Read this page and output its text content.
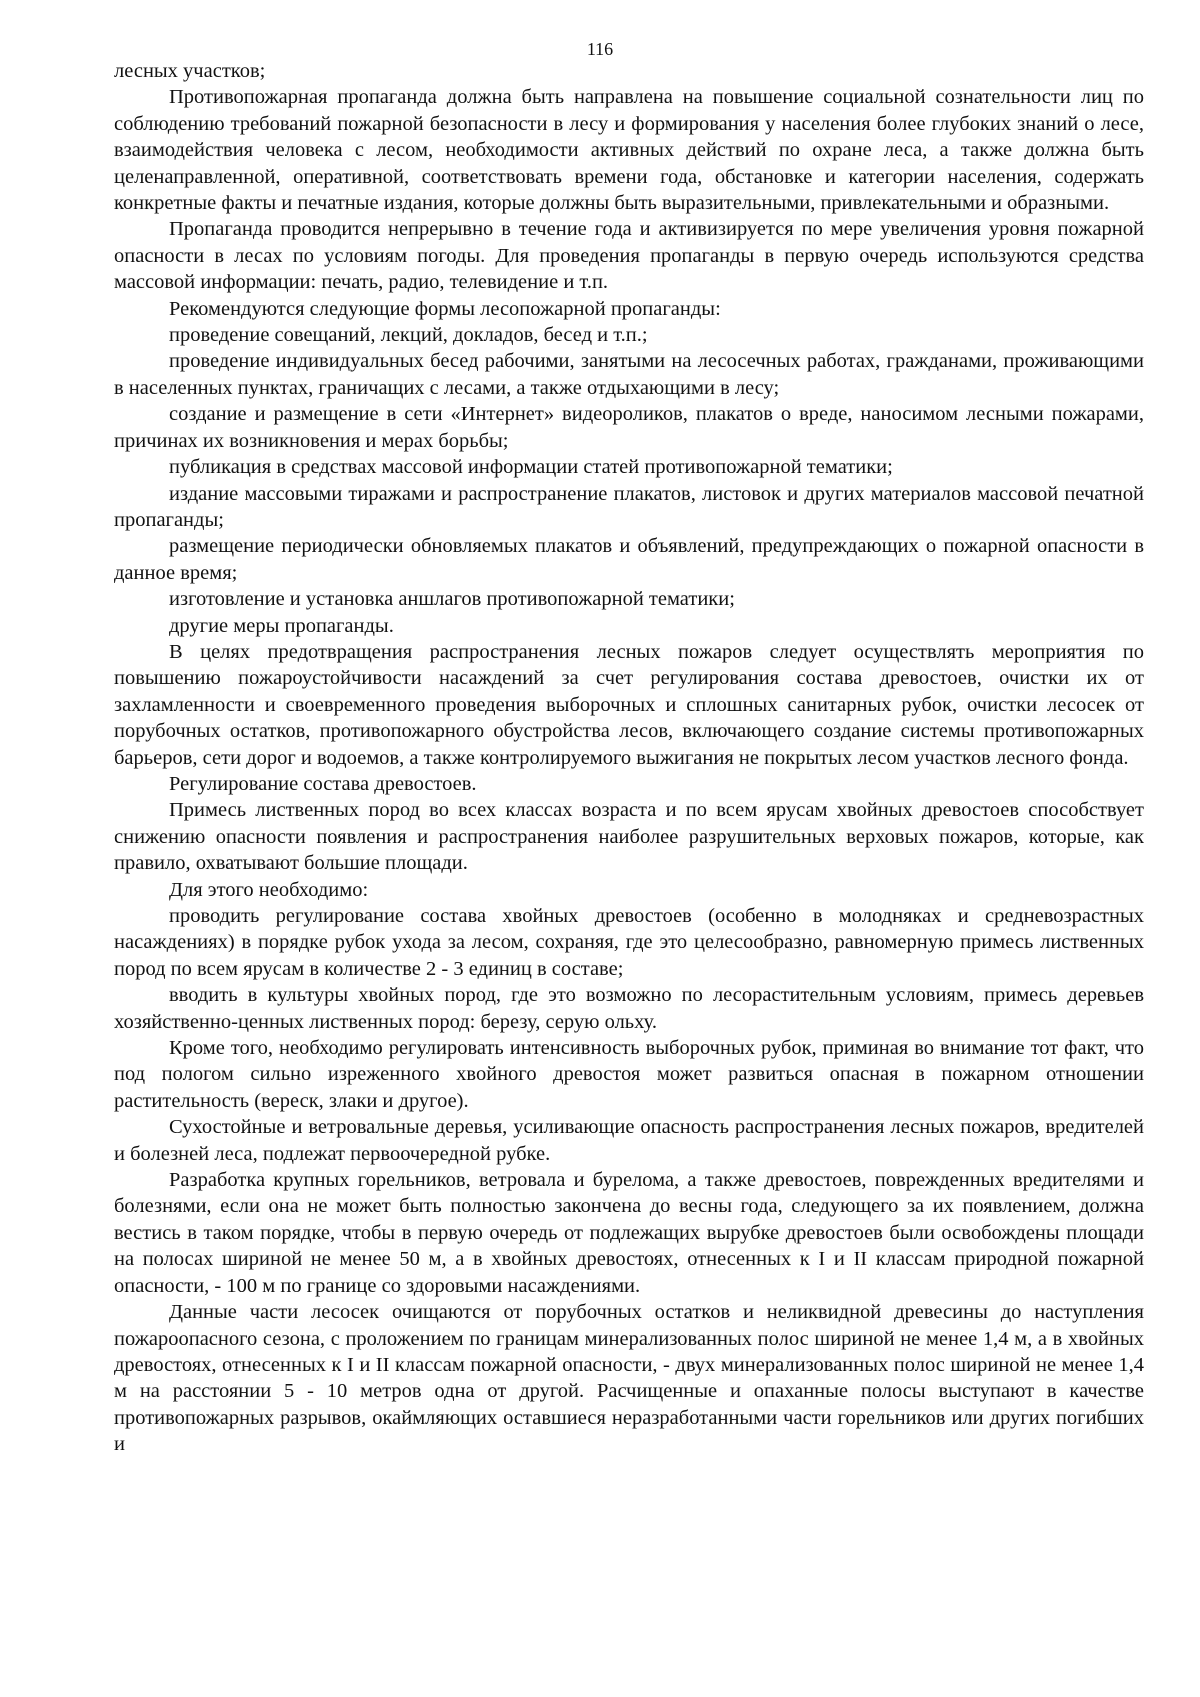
116

лесных участков;

Противопожарная пропаганда должна быть направлена на повышение социальной сознательности лиц по соблюдению требований пожарной безопасности в лесу и формирования у населения более глубоких знаний о лесе, взаимодействия человека с лесом, необходимости активных действий по охране леса, а также должна быть целенаправленной, оперативной, соответствовать времени года, обстановке и категории населения, содержать конкретные факты и печатные издания, которые должны быть выразительными, привлекательными и образными.

Пропаганда проводится непрерывно в течение года и активизируется по мере увеличения уровня пожарной опасности в лесах по условиям погоды. Для проведения пропаганды в первую очередь используются средства массовой информации: печать, радио, телевидение и т.п.

Рекомендуются следующие формы лесопожарной пропаганды:

проведение совещаний, лекций, докладов, бесед и т.п.;

проведение индивидуальных бесед рабочими, занятыми на лесосечных работах, гражданами, проживающими в населенных пунктах, граничащих с лесами, а также отдыхающими в лесу;

создание и размещение в сети «Интернет» видеороликов, плакатов о вреде, наносимом лесными пожарами, причинах их возникновения и мерах борьбы;

публикация в средствах массовой информации статей противопожарной тематики;

издание массовыми тиражами и распространение плакатов, листовок и других материалов массовой печатной пропаганды;

размещение периодически обновляемых плакатов и объявлений, предупреждающих о пожарной опасности в данное время;

изготовление и установка аншлагов противопожарной тематики;

другие меры пропаганды.

В целях предотвращения распространения лесных пожаров следует осуществлять мероприятия по повышению пожароустойчивости насаждений за счет регулирования состава древостоев, очистки их от захламленности и своевременного проведения выборочных и сплошных санитарных рубок, очистки лесосек от порубочных остатков, противопожарного обустройства лесов, включающего создание системы противопожарных барьеров, сети дорог и водоемов, а также контролируемого выжигания не покрытых лесом участков лесного фонда.

Регулирование состава древостоев.

Примесь лиственных пород во всех классах возраста и по всем ярусам хвойных древостоев способствует снижению опасности появления и распространения наиболее разрушительных верховых пожаров, которые, как правило, охватывают большие площади.

Для этого необходимо:

проводить регулирование состава хвойных древостоев (особенно в молодняках и средневозрастных насаждениях) в порядке рубок ухода за лесом, сохраняя, где это целесообразно, равномерную примесь лиственных пород по всем ярусам в количестве 2 - 3 единиц в составе;

вводить в культуры хвойных пород, где это возможно по лесорастительным условиям, примесь деревьев хозяйственно-ценных лиственных пород: березу, серую ольху.

Кроме того, необходимо регулировать интенсивность выборочных рубок, приминая во внимание тот факт, что под пологом сильно изреженного хвойного древостоя может развиться опасная в пожарном отношении растительность (вереск, злаки и другое).

Сухостойные и ветровальные деревья, усиливающие опасность распространения лесных пожаров, вредителей и болезней леса, подлежат первоочередной рубке.

Разработка крупных горельников, ветровала и бурелома, а также древостоев, поврежденных вредителями и болезнями, если она не может быть полностью закончена до весны года, следующего за их появлением, должна вестись в таком порядке, чтобы в первую очередь от подлежащих вырубке древостоев были освобождены площади на полосах шириной не менее 50 м, а в хвойных древостоях, отнесенных к I и II классам природной пожарной опасности, - 100 м по границе со здоровыми насаждениями.

Данные части лесосек очищаются от порубочных остатков и неликвидной древесины до наступления пожароопасного сезона, с проложением по границам минерализованных полос шириной не менее 1,4 м, а в хвойных древостоях, отнесенных к I и II классам пожарной опасности, - двух минерализованных полос шириной не менее 1,4 м на расстоянии 5 - 10 метров одна от другой. Расчищенные и опаханные полосы выступают в качестве противопожарных разрывов, окаймляющих оставшиеся неразработанными части горельников или других погибших и
